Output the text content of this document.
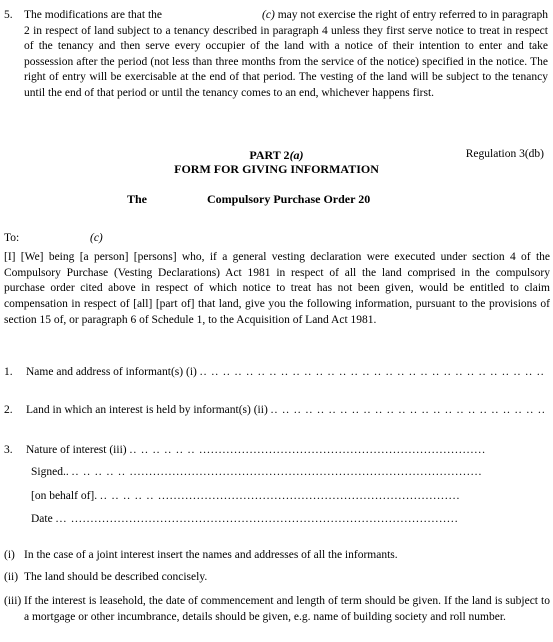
5. The modifications are that the	(c) may not exercise the right of entry referred to in paragraph 2 in respect of land subject to a tenancy described in paragraph 4 unless they first serve notice to treat in respect of the tenancy and then serve every occupier of the land with a notice of their intention to enter and take possession after the period (not less than three months from the service of the notice) specified in the notice. The right of entry will be exercisable at the end of that period. The vesting of the land will be subject to the tenancy until the end of that period or until the tenancy comes to an end, whichever happens first.
PART 2(a)	Regulation 3(db)
FORM FOR GIVING INFORMATION
The	Compulsory Purchase Order 20
To:	(c)
[I] [We] being [a person] [persons] who, if a general vesting declaration were executed under section 4 of the Compulsory Purchase (Vesting Declarations) Act 1981 in respect of all the land comprised in the compulsory purchase order cited above in respect of which notice to treat has not been given, would be entitled to claim compensation in respect of [all] [part of] that land, give you the following information, pursuant to the provisions of section 15 of, or paragraph 6 of Schedule 1, to the Acquisition of Land Act 1981.
1. Name and address of informant(s) (i) .. .. .. .. .. .. .. .. .. .. .. .. .. .. .. .. .. .. .. .. .. .. .. .. .. .. .. .. .. ..
2. Land in which an interest is held by informant(s) (ii) .. .. .. .. .. .. .. .. .. .. .. .. .. .. .. .. .. .. .. .. .. .. .. ..
3. Nature of interest (iii) .. .. .. .. .. .. ..........................................................................
Signed.. .. .. .. .. .. ...........................................................................................
[on behalf of]. .. .. .. .. .. ..............................................................................
Date ... ....................................................................................................
(i) In the case of a joint interest insert the names and addresses of all the informants.
(ii) The land should be described concisely.
(iii) If the interest is leasehold, the date of commencement and length of term should be given. If the land is subject to a mortgage or other incumbrance, details should be given, e.g. name of building society and roll number.
